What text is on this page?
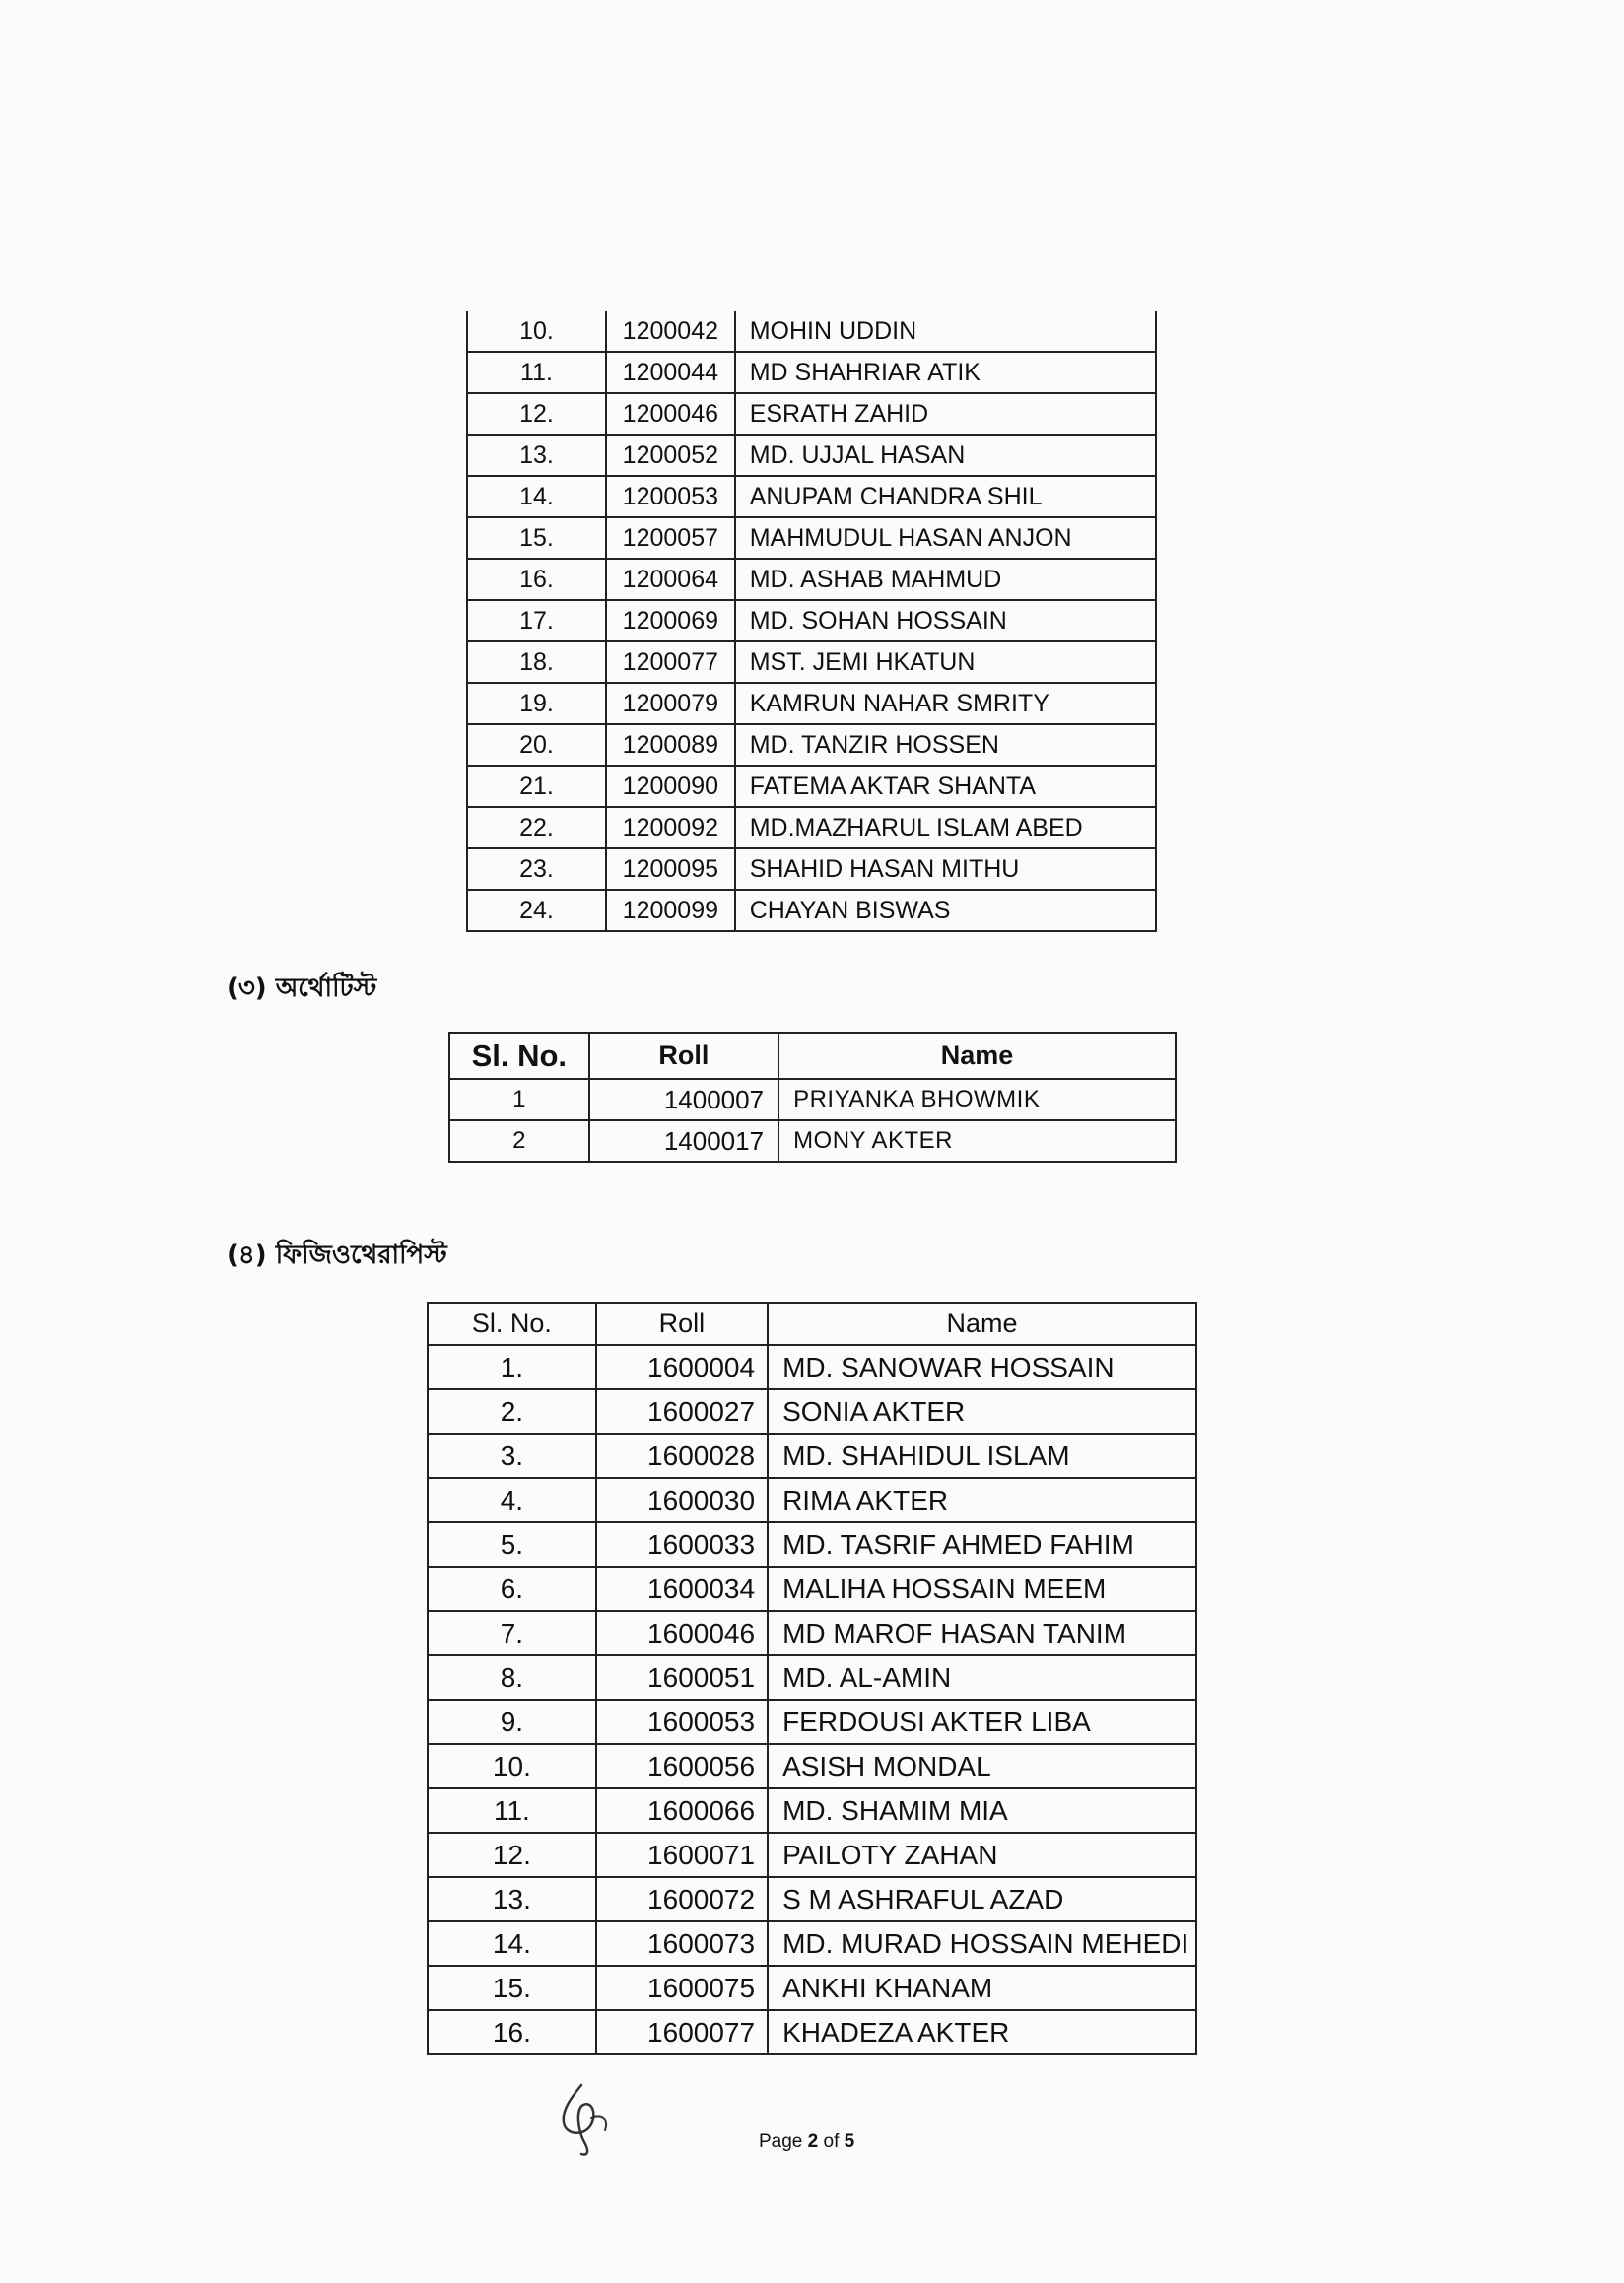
10.	1200042	MOHIN UDDIN
11.	1200044	MD SHAHRIAR ATIK
12.	1200046	ESRATH ZAHID
13.	1200052	MD. UJJAL HASAN
14.	1200053	ANUPAM CHANDRA SHIL
15.	1200057	MAHMUDUL HASAN ANJON
16.	1200064	MD. ASHAB MAHMUD
17.	1200069	MD. SOHAN HOSSAIN
18.	1200077	MST. JEMI HKATUN
19.	1200079	KAMRUN NAHAR SMRITY
20.	1200089	MD. TANZIR HOSSEN
21.	1200090	FATEMA AKTAR SHANTA
22.	1200092	MD.MAZHARUL ISLAM ABED
23.	1200095	SHAHID HASAN MITHU
24.	1200099	CHAYAN BISWAS
(৩) অর্থোটিস্ট
Sl. No.	Roll	Name
1	1400007	PRIYANKA BHOWMIK
2	1400017	MONY AKTER
(৪) ফিজিওথেরাপিস্ট
Sl. No.	Roll	Name
1.	1600004	MD. SANOWAR HOSSAIN
2.	1600027	SONIA AKTER
3.	1600028	MD. SHAHIDUL ISLAM
4.	1600030	RIMA AKTER
5.	1600033	MD. TASRIF AHMED FAHIM
6.	1600034	MALIHA HOSSAIN MEEM
7.	1600046	MD MAROF HASAN TANIM
8.	1600051	MD. AL-AMIN
9.	1600053	FERDOUSI AKTER LIBA
10.	1600056	ASISH MONDAL
11.	1600066	MD. SHAMIM MIA
12.	1600071	PAILOTY ZAHAN
13.	1600072	S M ASHRAFUL AZAD
14.	1600073	MD. MURAD HOSSAIN MEHEDI
15.	1600075	ANKHI KHANAM
16.	1600077	KHADEZA AKTER
Page 2 of 5
